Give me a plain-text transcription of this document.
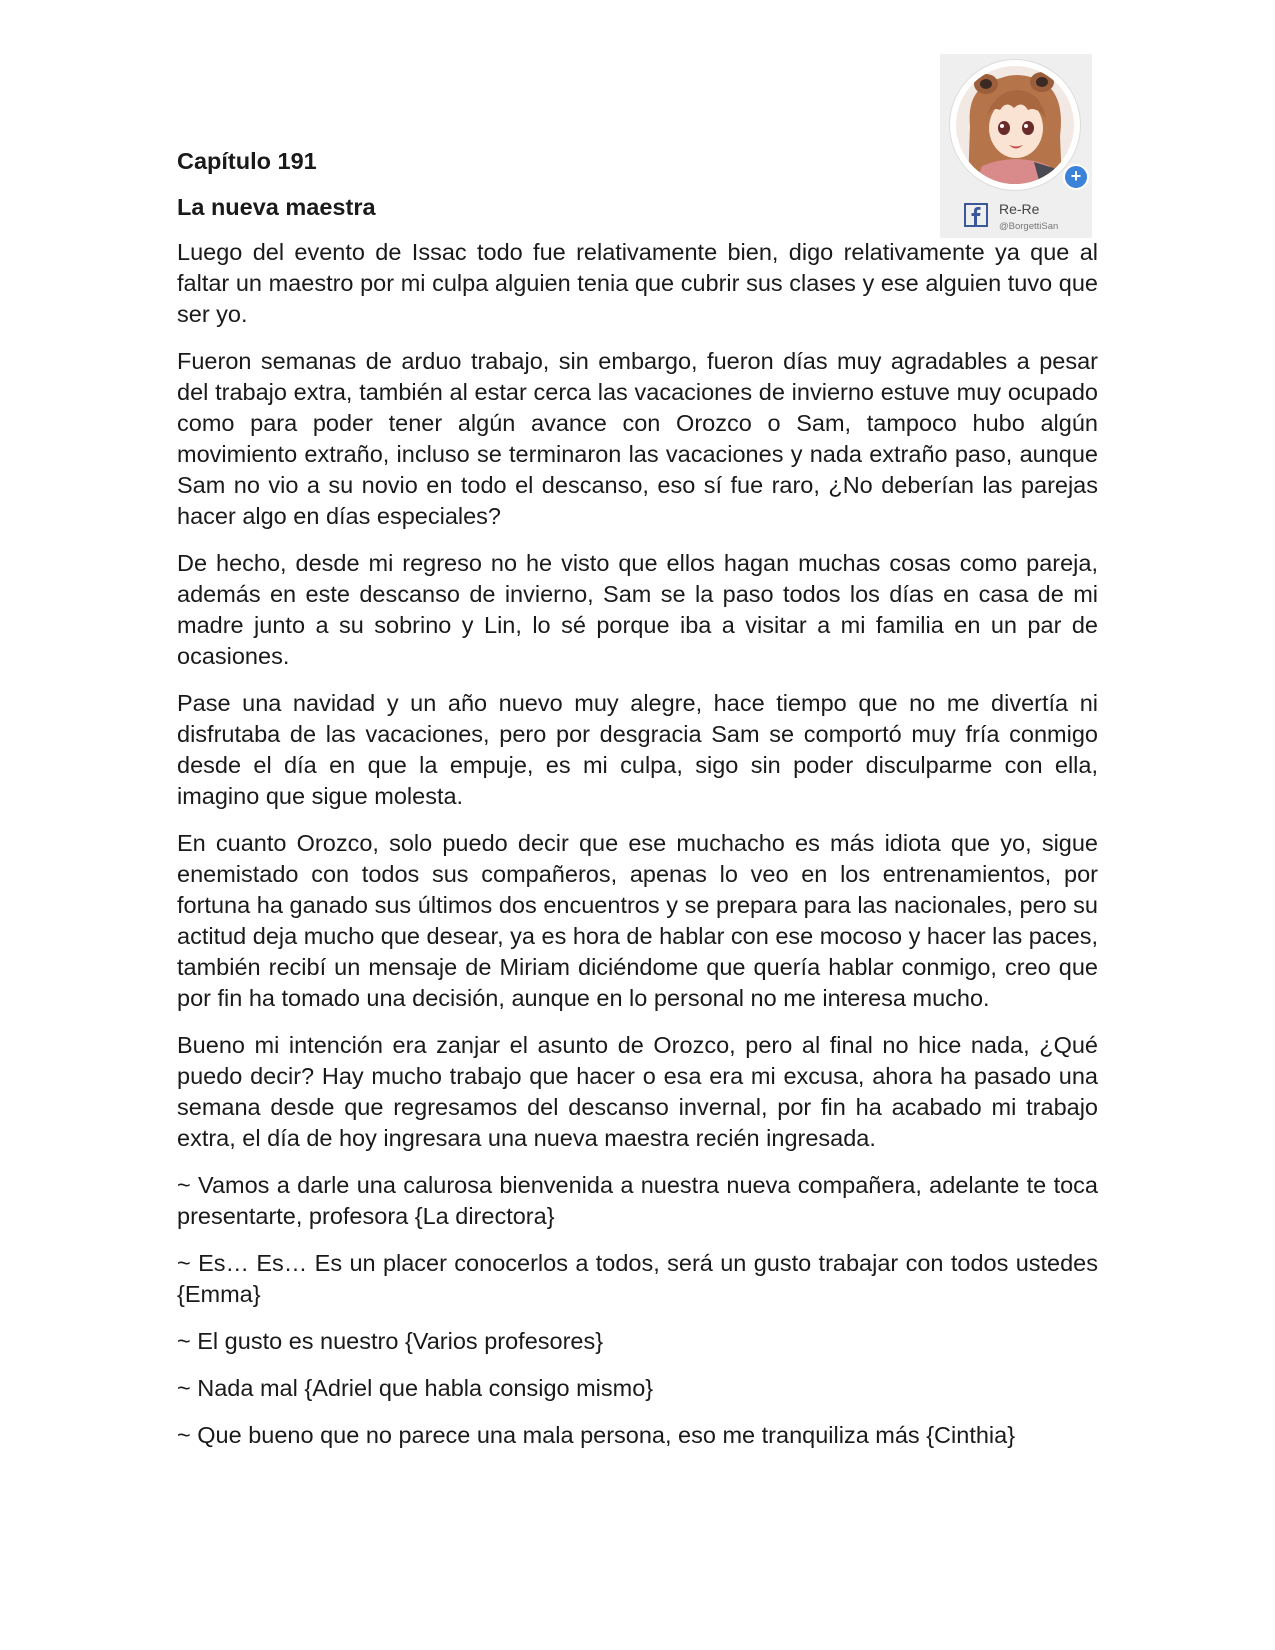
+
Re-Re
@BorgettiSan

Capítulo 191

La nueva maestra

Luego del evento de Issac todo fue relativamente bien, digo relativamente ya que al faltar un maestro por mi culpa alguien tenia que cubrir sus clases y ese alguien tuvo que ser yo.

Fueron semanas de arduo trabajo, sin embargo, fueron días muy agradables a pesar del trabajo extra, también al estar cerca las vacaciones de invierno estuve muy ocupado como para poder tener algún avance con Orozco o Sam, tampoco hubo algún movimiento extraño, incluso se terminaron las vacaciones y nada extraño paso, aunque Sam no vio a su novio en todo el descanso, eso sí fue raro, ¿No deberían las parejas hacer algo en días especiales?

De hecho, desde mi regreso no he visto que ellos hagan muchas cosas como pareja, además en este descanso de invierno, Sam se la paso todos los días en casa de mi madre junto a su sobrino y Lin, lo sé porque iba a visitar a mi familia en un par de ocasiones.

Pase una navidad y un año nuevo muy alegre, hace tiempo que no me divertía ni disfrutaba de las vacaciones, pero por desgracia Sam se comportó muy fría conmigo desde el día en que la empuje, es mi culpa, sigo sin poder disculparme con ella, imagino que sigue molesta.

En cuanto Orozco, solo puedo decir que ese muchacho es más idiota que yo, sigue enemistado con todos sus compañeros, apenas lo veo en los entrenamientos, por fortuna ha ganado sus últimos dos encuentros y se prepara para las nacionales, pero su actitud deja mucho que desear, ya es hora de hablar con ese mocoso y hacer las paces, también recibí un mensaje de Miriam diciéndome que quería hablar conmigo, creo que por fin ha tomado una decisión, aunque en lo personal no me interesa mucho.

Bueno mi intención era zanjar el asunto de Orozco, pero al final no hice nada, ¿Qué puedo decir? Hay mucho trabajo que hacer o esa era mi excusa, ahora ha pasado una semana desde que regresamos del descanso invernal, por fin ha acabado mi trabajo extra, el día de hoy ingresara una nueva maestra recién ingresada.

~ Vamos a darle una calurosa bienvenida a nuestra nueva compañera, adelante te toca presentarte, profesora {La directora}

~ Es… Es… Es un placer conocerlos a todos, será un gusto trabajar con todos ustedes {Emma}

~ El gusto es nuestro {Varios profesores}

~ Nada mal {Adriel que habla consigo mismo}

~ Que bueno que no parece una mala persona, eso me tranquiliza más {Cinthia}
